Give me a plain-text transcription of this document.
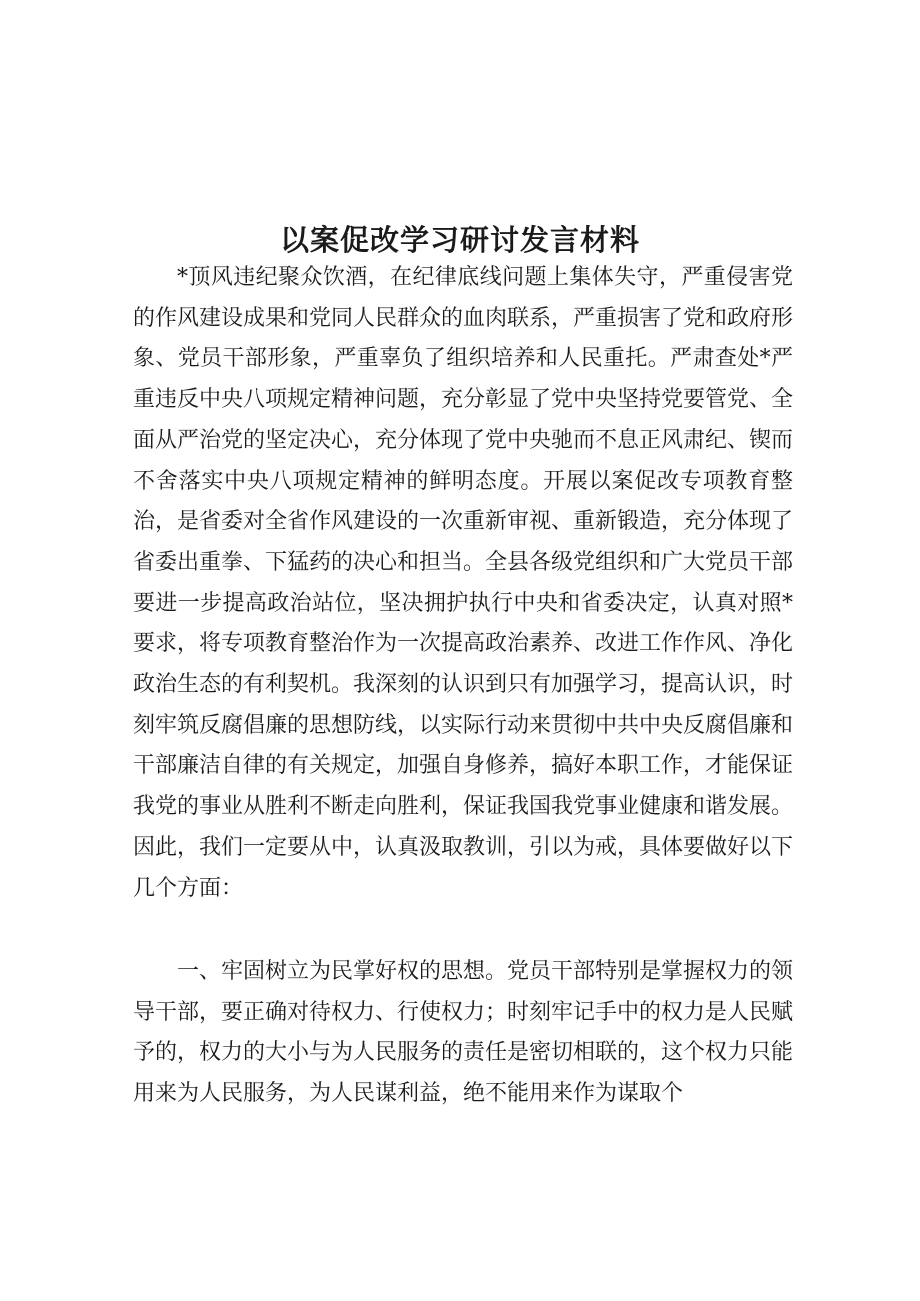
以案促改学习研讨发言材料

*顶风违纪聚众饮酒，在纪律底线问题上集体失守，严重侵害党的作风建设成果和党同人民群众的血肉联系，严重损害了党和政府形象、党员干部形象，严重辜负了组织培养和人民重托。严肃查处*严重违反中央八项规定精神问题，充分彰显了党中央坚持党要管党、全面从严治党的坚定决心，充分体现了党中央驰而不息正风肃纪、锲而不舍落实中央八项规定精神的鲜明态度。开展以案促改专项教育整治，是省委对全省作风建设的一次重新审视、重新锻造，充分体现了省委出重拳、下猛药的决心和担当。全县各级党组织和广大党员干部要进一步提高政治站位，坚决拥护执行中央和省委决定，认真对照*要求，将专项教育整治作为一次提高政治素养、改进工作作风、净化政治生态的有利契机。我深刻的认识到只有加强学习，提高认识，时刻牢筑反腐倡廉的思想防线，以实际行动来贯彻中共中央反腐倡廉和干部廉洁自律的有关规定，加强自身修养，搞好本职工作，才能保证我党的事业从胜利不断走向胜利，保证我国我党事业健康和谐发展。因此，我们一定要从中，认真汲取教训，引以为戒，具体要做好以下几个方面：

一、牢固树立为民掌好权的思想。党员干部特别是掌握权力的领导干部，要正确对待权力、行使权力；时刻牢记手中的权力是人民赋予的，权力的大小与为人民服务的责任是密切相联的，这个权力只能用来为人民服务，为人民谋利益，绝不能用来作为谋取个
